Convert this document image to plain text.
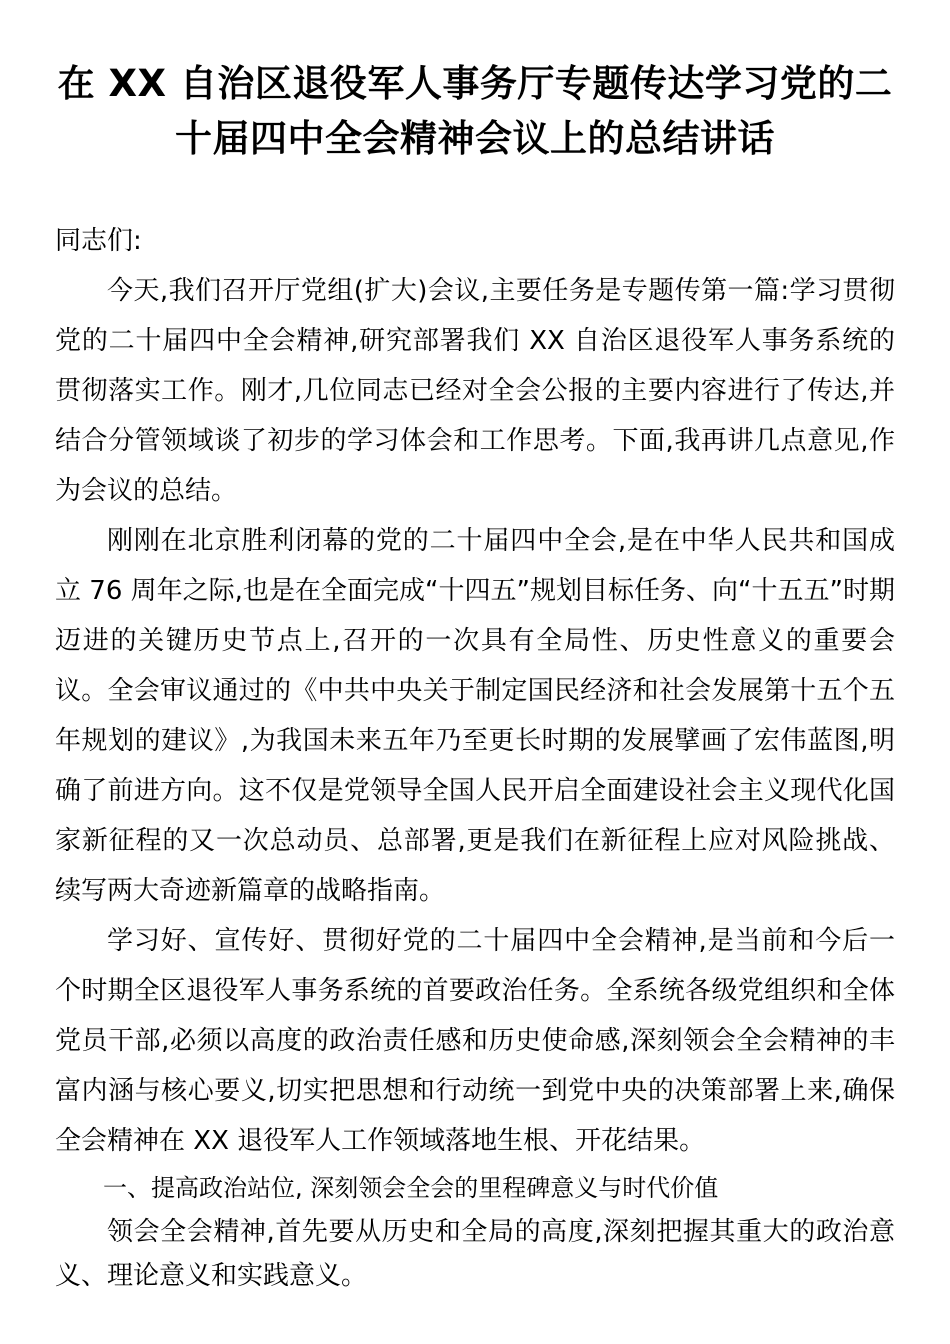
在 XX 自治区退役军人事务厅专题传达学习党的二十届四中全会精神会议上的总结讲话

同志们:

今天,我们召开厅党组(扩大)会议,主要任务是专题传第一篇:学习贯彻党的二十届四中全会精神,研究部署我们 XX 自治区退役军人事务系统的贯彻落实工作。刚才,几位同志已经对全会公报的主要内容进行了传达,并结合分管领域谈了初步的学习体会和工作思考。下面,我再讲几点意见,作为会议的总结。

刚刚在北京胜利闭幕的党的二十届四中全会,是在中华人民共和国成立 76 周年之际,也是在全面完成“十四五”规划目标任务、向“十五五”时期迈进的关键历史节点上,召开的一次具有全局性、历史性意义的重要会议。全会审议通过的《中共中央关于制定国民经济和社会发展第十五个五年规划的建议》,为我国未来五年乃至更长时期的发展擘画了宏伟蓝图,明确了前进方向。这不仅是党领导全国人民开启全面建设社会主义现代化国家新征程的又一次总动员、总部署,更是我们在新征程上应对风险挑战、续写两大奇迹新篇章的战略指南。

学习好、宣传好、贯彻好党的二十届四中全会精神,是当前和今后一个时期全区退役军人事务系统的首要政治任务。全系统各级党组织和全体党员干部,必须以高度的政治责任感和历史使命感,深刻领会全会精神的丰富内涵与核心要义,切实把思想和行动统一到党中央的决策部署上来,确保全会精神在 XX 退役军人工作领域落地生根、开花结果。

一、提高政治站位, 深刻领会全会的里程碑意义与时代价值

领会全会精神,首先要从历史和全局的高度,深刻把握其重大的政治意义、理论意义和实践意义。
